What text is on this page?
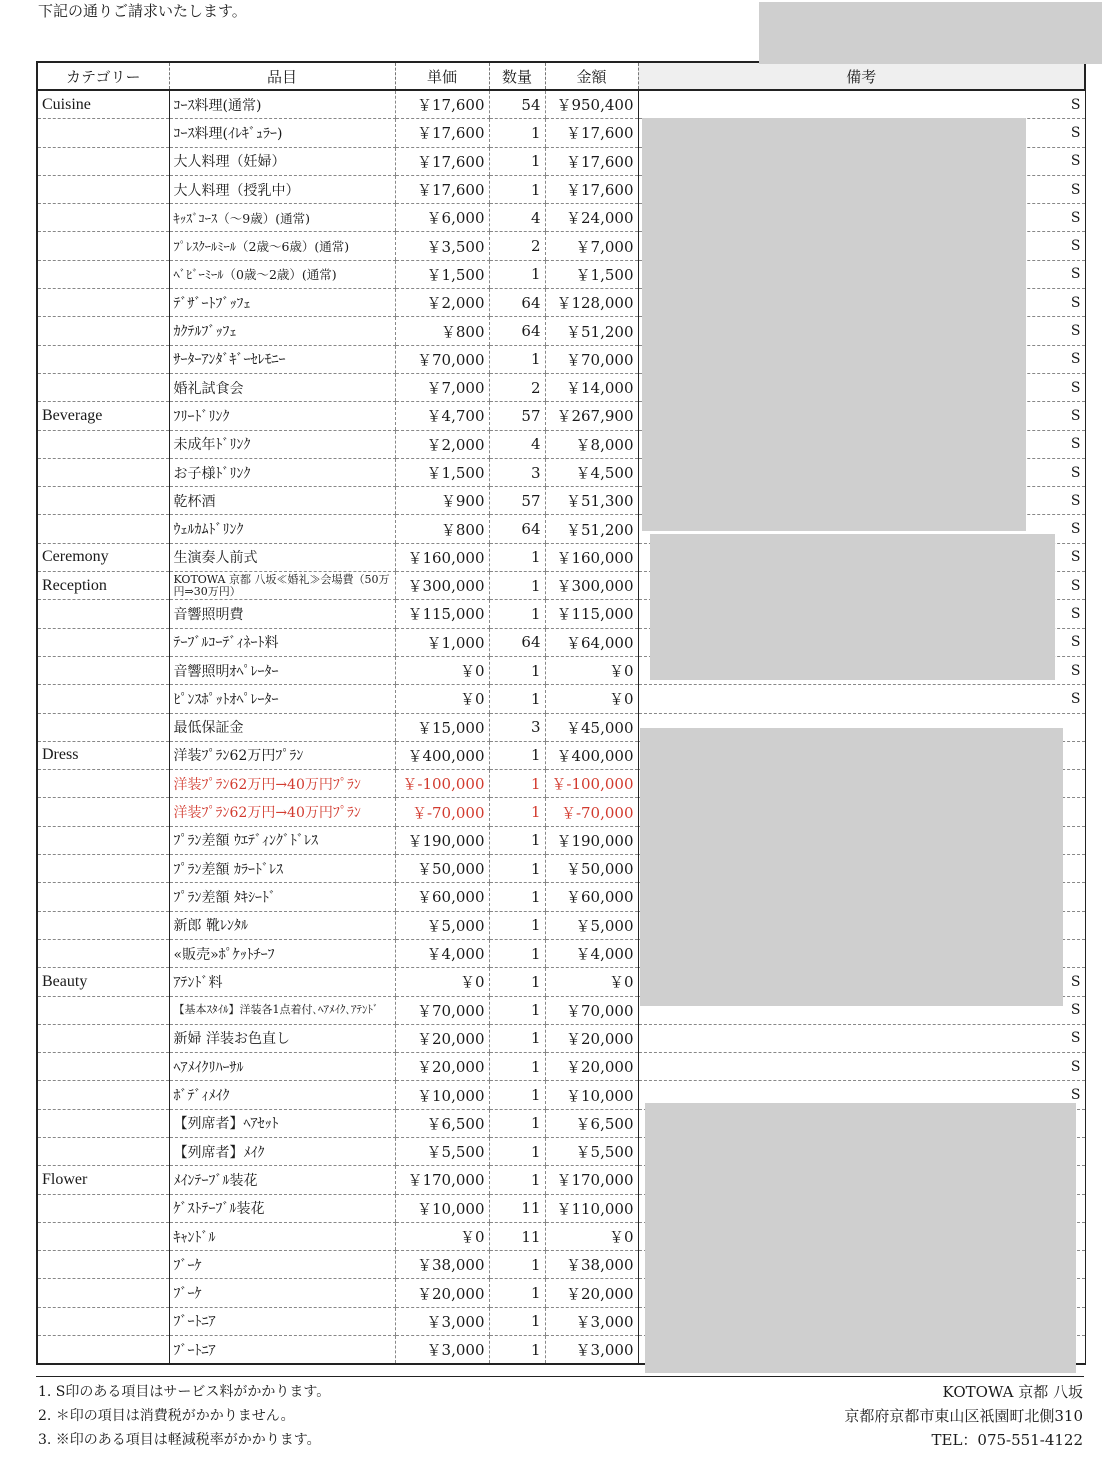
下記の通りご請求いたします。
カテゴリー	品目	単価	数量	金額	備考
Cuisine	ｺｰｽ料理(通常)	￥17,600	54	￥950,400	S
	ｺｰｽ料理(ｲﾚｷﾞｭﾗｰ)	￥17,600	1	￥17,600	S
	大人料理（妊婦）	￥17,600	1	￥17,600	S
	大人料理（授乳中）	￥17,600	1	￥17,600	S
	ｷｯｽﾞｺｰｽ（～9歳）(通常)	￥6,000	4	￥24,000	S
	ﾌﾟﾚｽｸｰﾙﾐｰﾙ（2歳～6歳）(通常)	￥3,500	2	￥7,000	S
	ﾍﾞﾋﾞｰﾐｰﾙ（0歳～2歳）(通常)	￥1,500	1	￥1,500	S
	ﾃﾞｻﾞｰﾄﾌﾞｯﾌｪ	￥2,000	64	￥128,000	S
	ｶｸﾃﾙﾌﾞｯﾌｪ	￥800	64	￥51,200	S
	ｻｰﾀｰｱﾝﾀﾞｷﾞｰｾﾚﾓﾆｰ	￥70,000	1	￥70,000	S
	婚礼試食会	￥7,000	2	￥14,000	S
Beverage	ﾌﾘｰﾄﾞﾘﾝｸ	￥4,700	57	￥267,900	S
	未成年ﾄﾞﾘﾝｸ	￥2,000	4	￥8,000	S
	お子様ﾄﾞﾘﾝｸ	￥1,500	3	￥4,500	S
	乾杯酒	￥900	57	￥51,300	S
	ｳｪﾙｶﾑﾄﾞﾘﾝｸ	￥800	64	￥51,200	S
Ceremony	生演奏人前式	￥160,000	1	￥160,000	S
Reception	KOTOWA 京都 八坂≪婚礼≫会場費（50万円⇒30万円）	￥300,000	1	￥300,000	S
	音響照明費	￥115,000	1	￥115,000	S
	ﾃｰﾌﾞﾙｺｰﾃﾞｨﾈｰﾄ料	￥1,000	64	￥64,000	S
	音響照明ｵﾍﾟﾚｰﾀｰ	￥0	1	￥0	S
	ﾋﾟﾝｽﾎﾟｯﾄｵﾍﾟﾚｰﾀｰ	￥0	1	￥0	S
	最低保証金	￥15,000	3	￥45,000	
Dress	洋装ﾌﾟﾗﾝ62万円ﾌﾟﾗﾝ	￥400,000	1	￥400,000	
	洋装ﾌﾟﾗﾝ62万円→40万円ﾌﾟﾗﾝ	￥-100,000	1	￥-100,000	
	洋装ﾌﾟﾗﾝ62万円→40万円ﾌﾟﾗﾝ	￥-70,000	1	￥-70,000	
	ﾌﾟﾗﾝ差額 ｳｴﾃﾞｨﾝｸﾞﾄﾞﾚｽ	￥190,000	1	￥190,000	
	ﾌﾟﾗﾝ差額 ｶﾗｰﾄﾞﾚｽ	￥50,000	1	￥50,000	
	ﾌﾟﾗﾝ差額 ﾀｷｼｰﾄﾞ	￥60,000	1	￥60,000	
	新郎 靴ﾚﾝﾀﾙ	￥5,000	1	￥5,000	
	«販売»ﾎﾟｹｯﾄﾁｰﾌ	￥4,000	1	￥4,000	
Beauty	ｱﾃﾝﾄﾞ料	￥0	1	￥0	S
	【基本ｽﾀｲﾙ】洋装各1点着付､ﾍｱﾒｲｸ､ｱﾃﾝﾄﾞ	￥70,000	1	￥70,000	S
	新婦 洋装お色直し	￥20,000	1	￥20,000	S
	ﾍｱﾒｲｸﾘﾊｰｻﾙ	￥20,000	1	￥20,000	S
	ﾎﾞﾃﾞｨﾒｲｸ	￥10,000	1	￥10,000	S
	【列席者】ﾍｱｾｯﾄ	￥6,500	1	￥6,500	
	【列席者】ﾒｲｸ	￥5,500	1	￥5,500	
Flower	ﾒｲﾝﾃｰﾌﾞﾙ装花	￥170,000	1	￥170,000	
	ｹﾞｽﾄﾃｰﾌﾞﾙ装花	￥10,000	11	￥110,000	
	ｷｬﾝﾄﾞﾙ	￥0	11	￥0	
	ﾌﾞｰｹ	￥38,000	1	￥38,000	
	ﾌﾞｰｹ	￥20,000	1	￥20,000	
	ﾌﾞｰﾄﾆｱ	￥3,000	1	￥3,000	
	ﾌﾞｰﾄﾆｱ	￥3,000	1	￥3,000	
1. S印のある項目はサービス料がかかります。
2. ＊印の項目は消費税がかかりません。
3. ※印のある項目は軽減税率がかかります。
KOTOWA 京都 八坂
京都府京都市東山区祇園町北側310
TEL：075-551-4122
